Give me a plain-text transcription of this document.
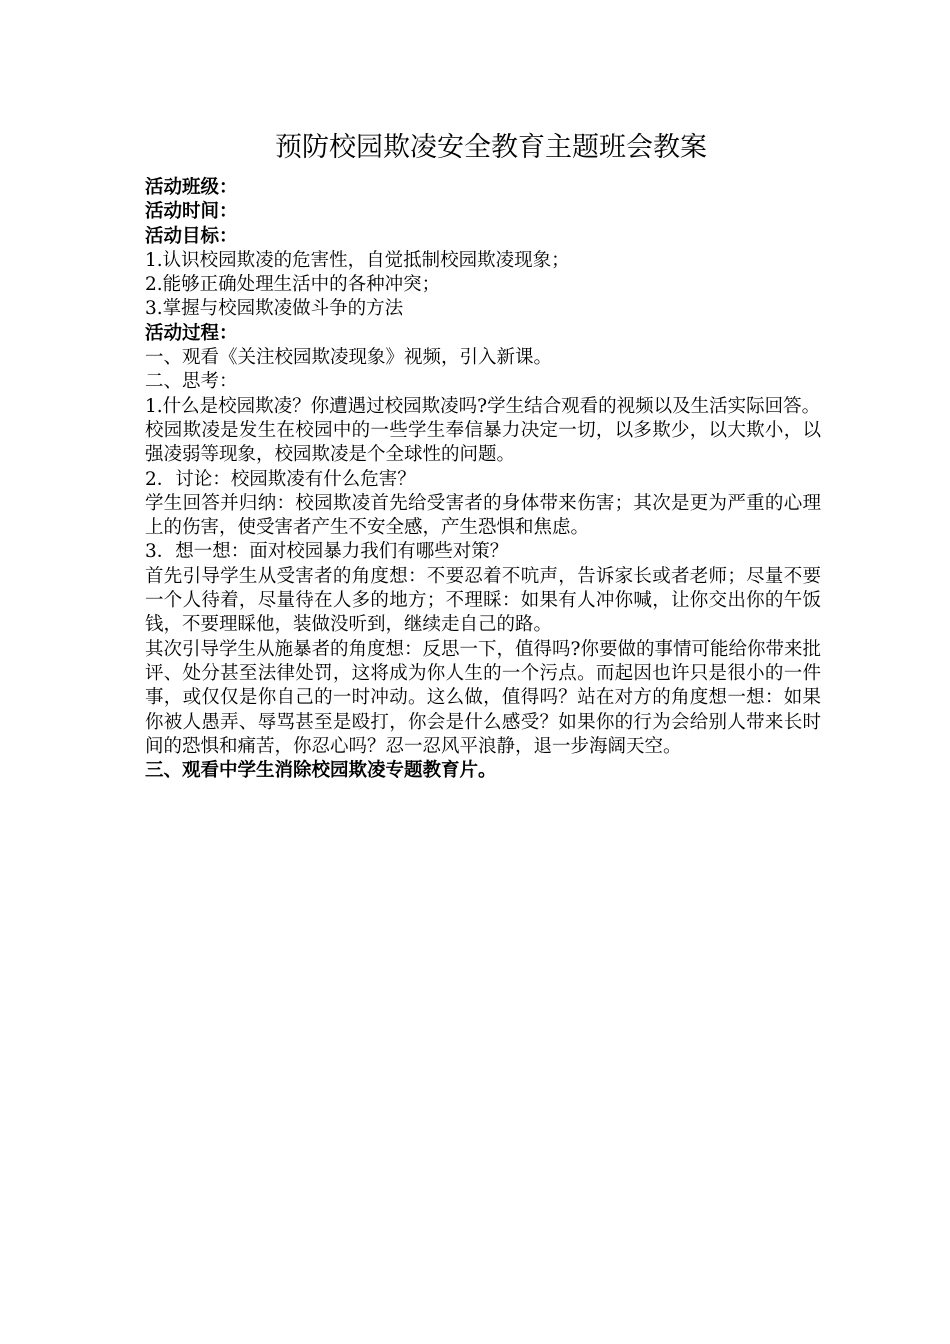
预防校园欺凌安全教育主题班会教案

活动班级：

活动时间：

活动目标：

1.认识校园欺凌的危害性，自觉抵制校园欺凌现象；

2.能够正确处理生活中的各种冲突；

3.掌握与校园欺凌做斗争的方法

活动过程：

一、观看《关注校园欺凌现象》视频，引入新课。

二、思考：

1.什么是校园欺凌？你遭遇过校园欺凌吗?学生结合观看的视频以及生活实际回答。

校园欺凌是发生在校园中的一些学生奉信暴力决定一切，以多欺少，以大欺小，以强凌弱等现象，校园欺凌是个全球性的问题。

2．讨论：校园欺凌有什么危害？

学生回答并归纳：校园欺凌首先给受害者的身体带来伤害；其次是更为严重的心理上的伤害，使受害者产生不安全感，产生恐惧和焦虑。

3．想一想：面对校园暴力我们有哪些对策？

首先引导学生从受害者的角度想：不要忍着不吭声，告诉家长或者老师；尽量不要一个人待着，尽量待在人多的地方；不理睬：如果有人冲你喊，让你交出你的午饭钱，不要理睬他，装做没听到，继续走自己的路。

其次引导学生从施暴者的角度想：反思一下，值得吗?你要做的事情可能给你带来批评、处分甚至法律处罚，这将成为你人生的一个污点。而起因也许只是很小的一件事，或仅仅是你自己的一时冲动。这么做，值得吗？站在对方的角度想一想：如果你被人愚弄、辱骂甚至是殴打，你会是什么感受？如果你的行为会给别人带来长时间的恐惧和痛苦，你忍心吗？忍一忍风平浪静，退一步海阔天空。

三、观看中学生消除校园欺凌专题教育片。
